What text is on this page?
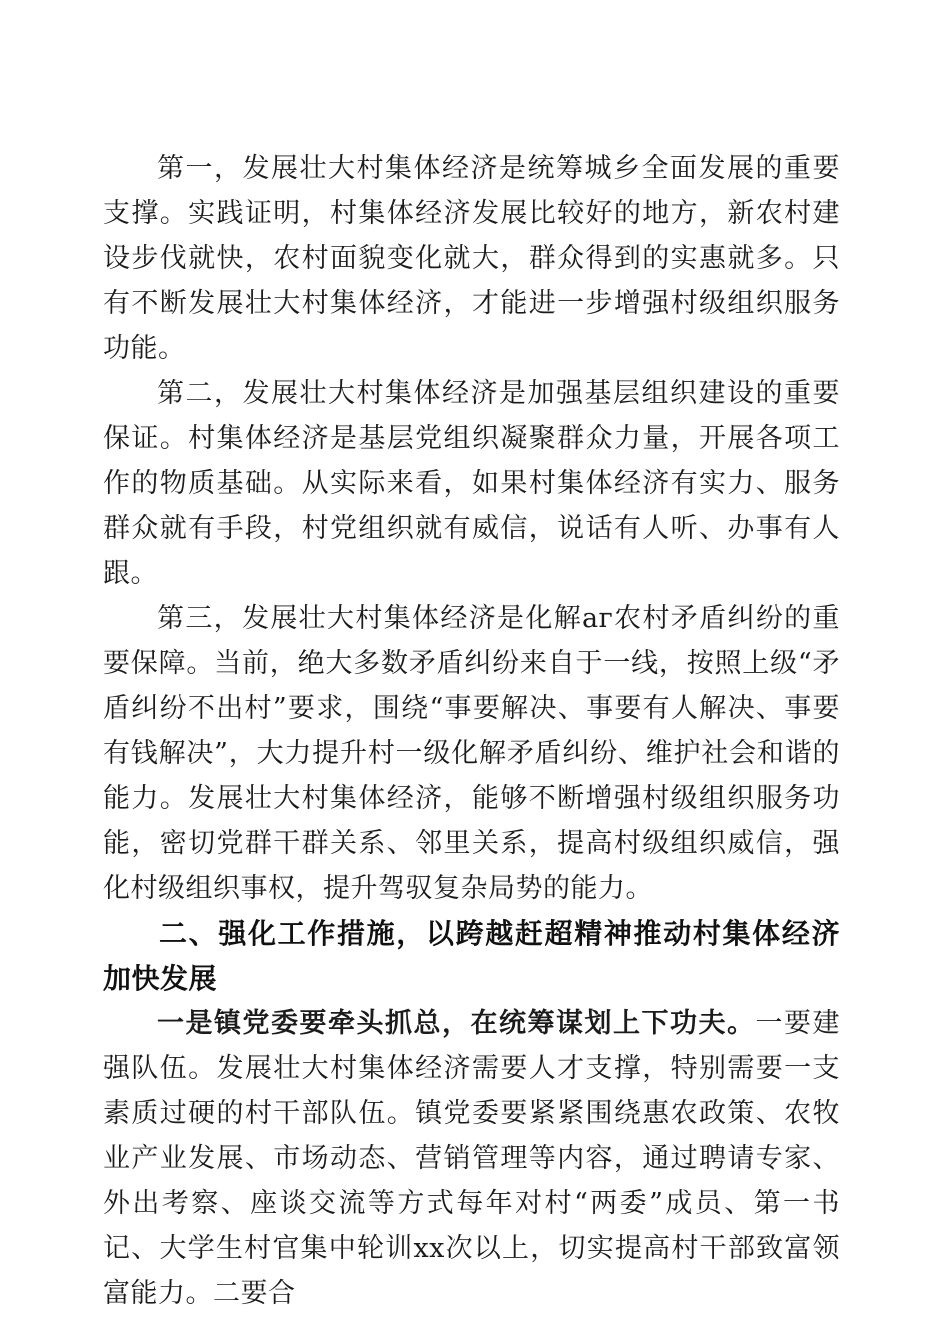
第一，发展壮大村集体经济是统筹城乡全面发展的重要支撑。实践证明，村集体经济发展比较好的地方，新农村建设步伐就快，农村面貌变化就大，群众得到的实惠就多。只有不断发展壮大村集体经济，才能进一步增强村级组织服务功能。

第二，发展壮大村集体经济是加强基层组织建设的重要保证。村集体经济是基层党组织凝聚群众力量，开展各项工作的物质基础。从实际来看，如果村集体经济有实力、服务群众就有手段，村党组织就有威信，说话有人听、办事有人跟。

第三，发展壮大村集体经济是化解аг农村矛盾纠纷的重要保障。当前，绝大多数矛盾纠纷来自于一线，按照上级“矛盾纠纷不出村”要求，围绕“事要解决、事要有人解决、事要有钱解决”，大力提升村一级化解矛盾纠纷、维护社会和谐的能力。发展壮大村集体经济，能够不断增强村级组织服务功能，密切党群干群关系、邻里关系，提高村级组织威信，强化村级组织事权，提升驾驭复杂局势的能力。

二、强化工作措施，以跨越赶超精神推动村集体经济加快发展

一是镇党委要牵头抓总，在统筹谋划上下功夫。一要建强队伍。发展壮大村集体经济需要人才支撑，特别需要一支素质过硬的村干部队伍。镇党委要紧紧围绕惠农政策、农牧业产业发展、市场动态、营销管理等内容，通过聘请专家、外出考察、座谈交流等方式每年对村“两委”成员、第一书记、大学生村官集中轮训xx次以上，切实提高村干部致富领富能力。二要合
